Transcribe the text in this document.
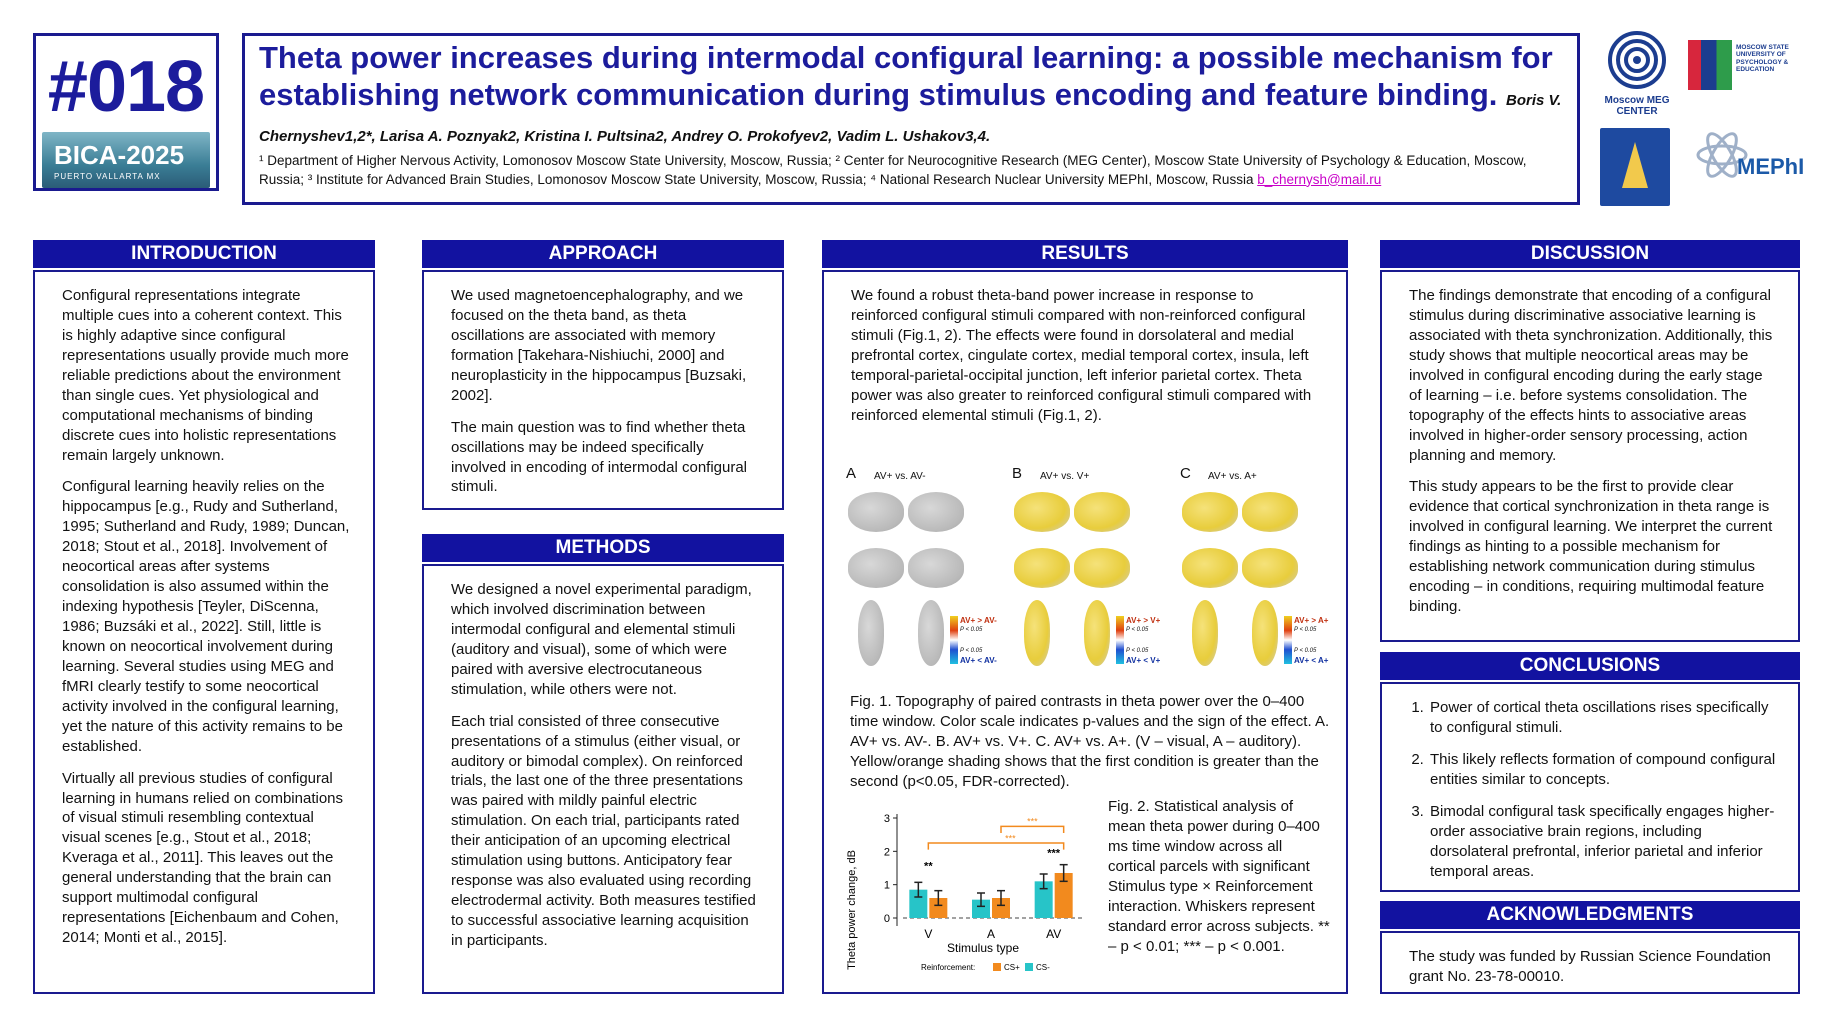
#018
BICA-2025
PUERTO VALLARTA MX
Theta power increases during intermodal configural learning: a possible mechanism for establishing network communication during stimulus encoding and feature binding. Boris V. Chernyshev1,2*, Larisa A. Poznyak2, Kristina I. Pultsina2, Andrey O. Prokofyev2, Vadim L. Ushakov3,4.
¹ Department of Higher Nervous Activity, Lomonosov Moscow State University, Moscow, Russia; ² Center for Neurocognitive Research (MEG Center), Moscow State University of Psychology & Education, Moscow, Russia; ³ Institute for Advanced Brain Studies, Lomonosov Moscow State University, Moscow, Russia; ⁴ National Research Nuclear University MEPhI, Moscow, Russia b_chernysh@mail.ru
Moscow MEG CENTER
MOSCOW STATE UNIVERSITY OF PSYCHOLOGY & EDUCATION
MEPhI
INTRODUCTION

Configural representations integrate multiple cues into a coherent context. This is highly adaptive since configural representations usually provide much more reliable predictions about the environment than single cues. Yet physiological and computational mechanisms of binding discrete cues into holistic representations remain largely unknown.

Configural learning heavily relies on the hippocampus [e.g., Rudy and Sutherland, 1995; Sutherland and Rudy, 1989; Duncan, 2018; Stout et al., 2018]. Involvement of neocortical areas after systems consolidation is also assumed within the indexing hypothesis [Teyler, DiScenna, 1986; Buzsáki et al., 2022]. Still, little is known on neocortical involvement during learning. Several studies using MEG and fMRI clearly testify to some neocortical activity involved in the configural learning, yet the nature of this activity remains to be established.

Virtually all previous studies of configural learning in humans relied on combinations of visual stimuli resembling contextual visual scenes [e.g., Stout et al., 2018; Kveraga et al., 2011]. This leaves out the general understanding that the brain can support multimodal configural representations [Eichenbaum and Cohen, 2014; Monti et al., 2015].

APPROACH

We used magnetoencephalography, and we focused on the theta band, as theta oscillations are associated with memory formation [Takehara-Nishiuchi, 2000] and neuroplasticity in the hippocampus [Buzsaki, 2002].

The main question was to find whether theta oscillations may be indeed specifically involved in encoding of intermodal configural stimuli.

METHODS

We designed a novel experimental paradigm, which involved discrimination between intermodal configural and elemental stimuli (auditory and visual), some of which were paired with aversive electrocutaneous stimulation, while others were not.

Each trial consisted of three consecutive presentations of a stimulus (either visual, or auditory or bimodal complex). On reinforced trials, the last one of the three presentations was paired with mildly painful electric stimulation. On each trial, participants rated their anticipation of an upcoming electrical stimulation using buttons. Anticipatory fear response was also evaluated using recording electrodermal activity. Both measures testified to successful associative learning acquisition in participants.

RESULTS

We found a robust theta-band power increase in response to reinforced configural stimuli compared with non-reinforced configural stimuli (Fig.1, 2). The effects were found in dorsolateral and medial prefrontal cortex, cingulate cortex, medial temporal cortex, insula, left temporal-parietal-occipital junction, left inferior parietal cortex. Theta power was also greater to reinforced configural stimuli compared with reinforced elemental stimuli (Fig.1, 2).

A AV+ vs. AV-
AV+ > AV-
P < 0.05
P < 0.05
AV+ < AV-
B AV+ vs. V+
AV+ > V+
P < 0.05
P < 0.05
AV+ < V+
C AV+ vs. A+
AV+ > A+
P < 0.05
P < 0.05
AV+ < A+
Fig. 1. Topography of paired contrasts in theta power over the 0–400 time window. Color scale indicates p-values and the sign of the effect. A. AV+ vs. AV-. B. AV+ vs. V+. C. AV+ vs. A+. (V – visual, A – auditory). Yellow/orange shading shows that the first condition is greater than the second (p<0.05, FDR-corrected).
0
1
2
3
V	A	AV
**
***
***
***
Theta power change, dB	Stimulus type
Reinforcement:	CS+ CS-
Fig. 2. Statistical analysis of mean theta power during 0–400 ms time window across all cortical parcels with significant Stimulus type × Reinforcement interaction. Whiskers represent standard error across subjects. ** – p < 0.01; *** – p < 0.001.
DISCUSSION

The findings demonstrate that encoding of a configural stimulus during discriminative associative learning is associated with theta synchronization. Additionally, this study shows that multiple neocortical areas may be involved in configural encoding during the early stage of learning – i.e. before systems consolidation. The topography of the effects hints to associative areas involved in higher-order sensory processing, action planning and memory.

This study appears to be the first to provide clear evidence that cortical synchronization in theta range is involved in configural learning. We interpret the current findings as hinting to a possible mechanism for establishing network communication during stimulus encoding – in conditions, requiring multimodal feature binding.

CONCLUSIONS
1. Power of cortical theta oscillations rises specifically to configural stimuli.
2. This likely reflects formation of compound configural entities similar to concepts.
3. Bimodal configural task specifically engages higher-order associative brain regions, including dorsolateral prefrontal, inferior parietal and inferior temporal areas.
ACKNOWLEDGMENTS

The study was funded by Russian Science Foundation grant No. 23-78-00010.
